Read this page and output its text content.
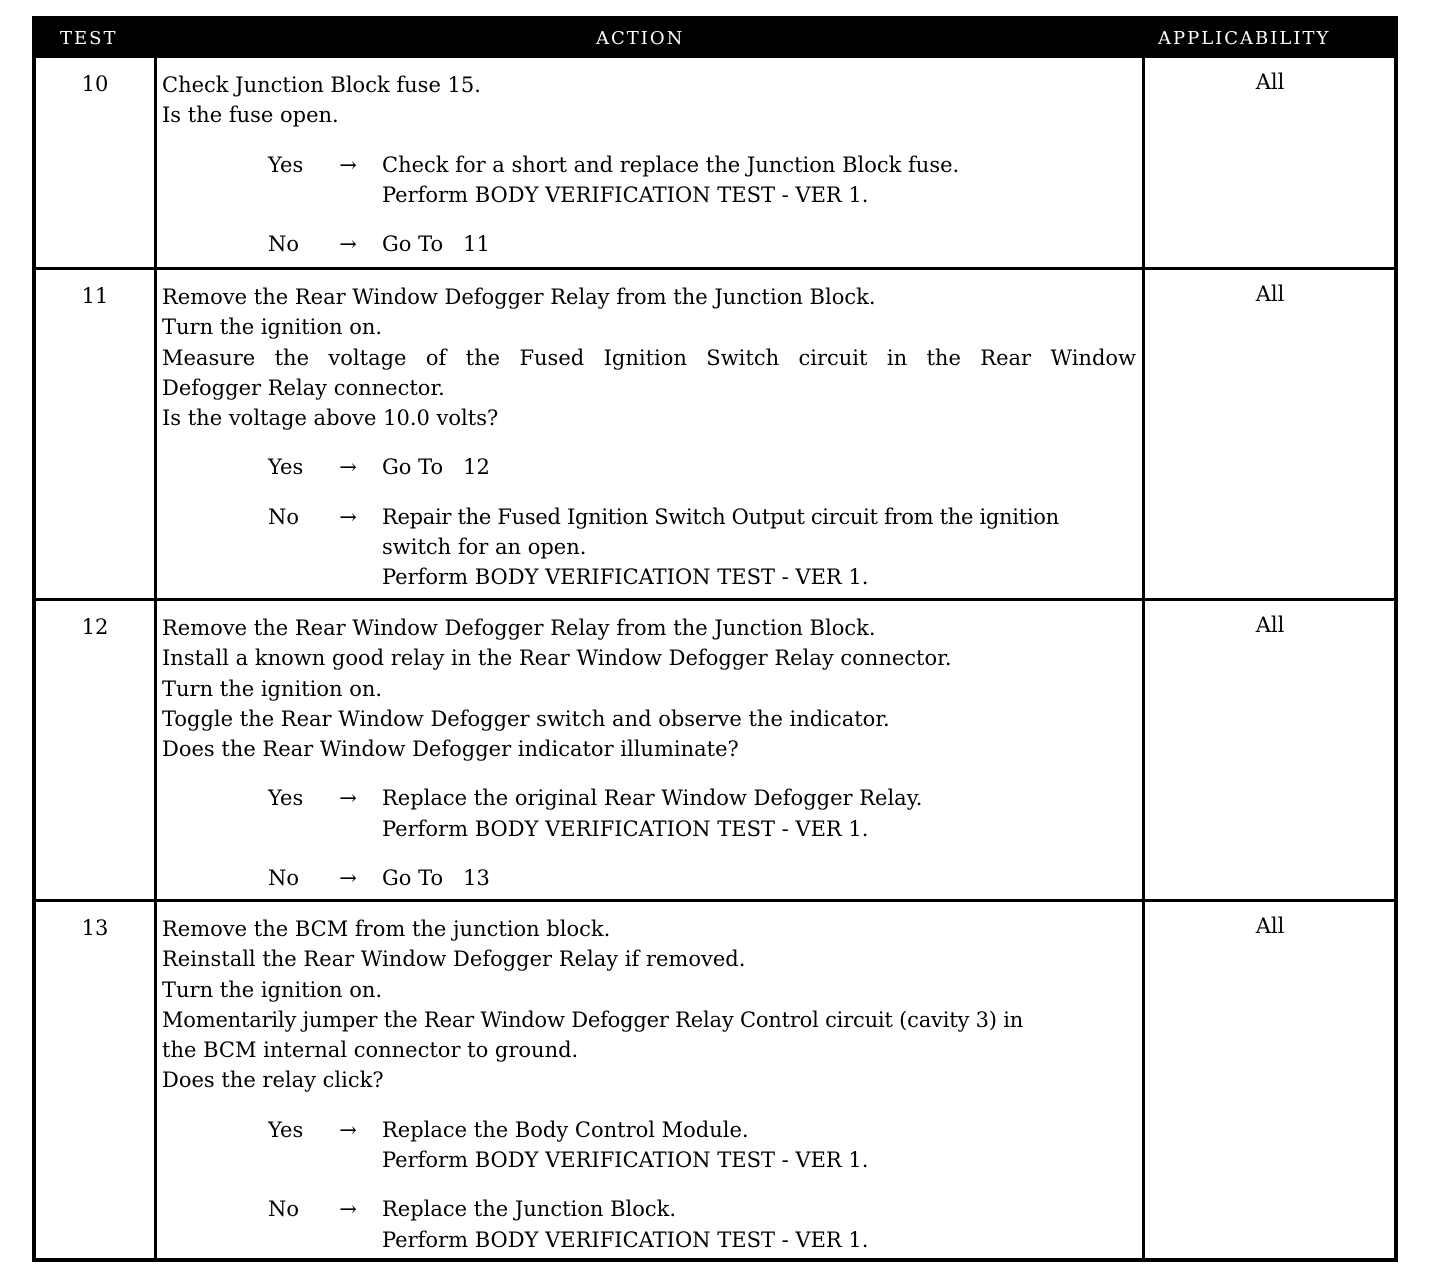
TEST	ACTION	APPLICABILITY
10	Check Junction Block fuse 15.
Is the fuse open.
Yes	→	Check for a short and replace the Junction Block fuse.
Perform BODY VERIFICATION TEST - VER 1.
No	→	Go To   11
All
11	Remove the Rear Window Defogger Relay from the Junction Block.
Turn the ignition on.
Measure the voltage of the Fused Ignition Switch circuit in the Rear Window
Defogger Relay connector.
Is the voltage above 10.0 volts?
Yes	→	Go To   12
No	→	Repair the Fused Ignition Switch Output circuit from the ignition
switch for an open.
Perform BODY VERIFICATION TEST - VER 1.
All
12	Remove the Rear Window Defogger Relay from the Junction Block.
Install a known good relay in the Rear Window Defogger Relay connector.
Turn the ignition on.
Toggle the Rear Window Defogger switch and observe the indicator.
Does the Rear Window Defogger indicator illuminate?
Yes	→	Replace the original Rear Window Defogger Relay.
Perform BODY VERIFICATION TEST - VER 1.
No	→	Go To   13
All
13	Remove the BCM from the junction block.
Reinstall the Rear Window Defogger Relay if removed.
Turn the ignition on.
Momentarily jumper the Rear Window Defogger Relay Control circuit (cavity 3) in
the BCM internal connector to ground.
Does the relay click?
Yes	→	Replace the Body Control Module.
Perform BODY VERIFICATION TEST - VER 1.
No	→	Replace the Junction Block.
Perform BODY VERIFICATION TEST - VER 1.
All
